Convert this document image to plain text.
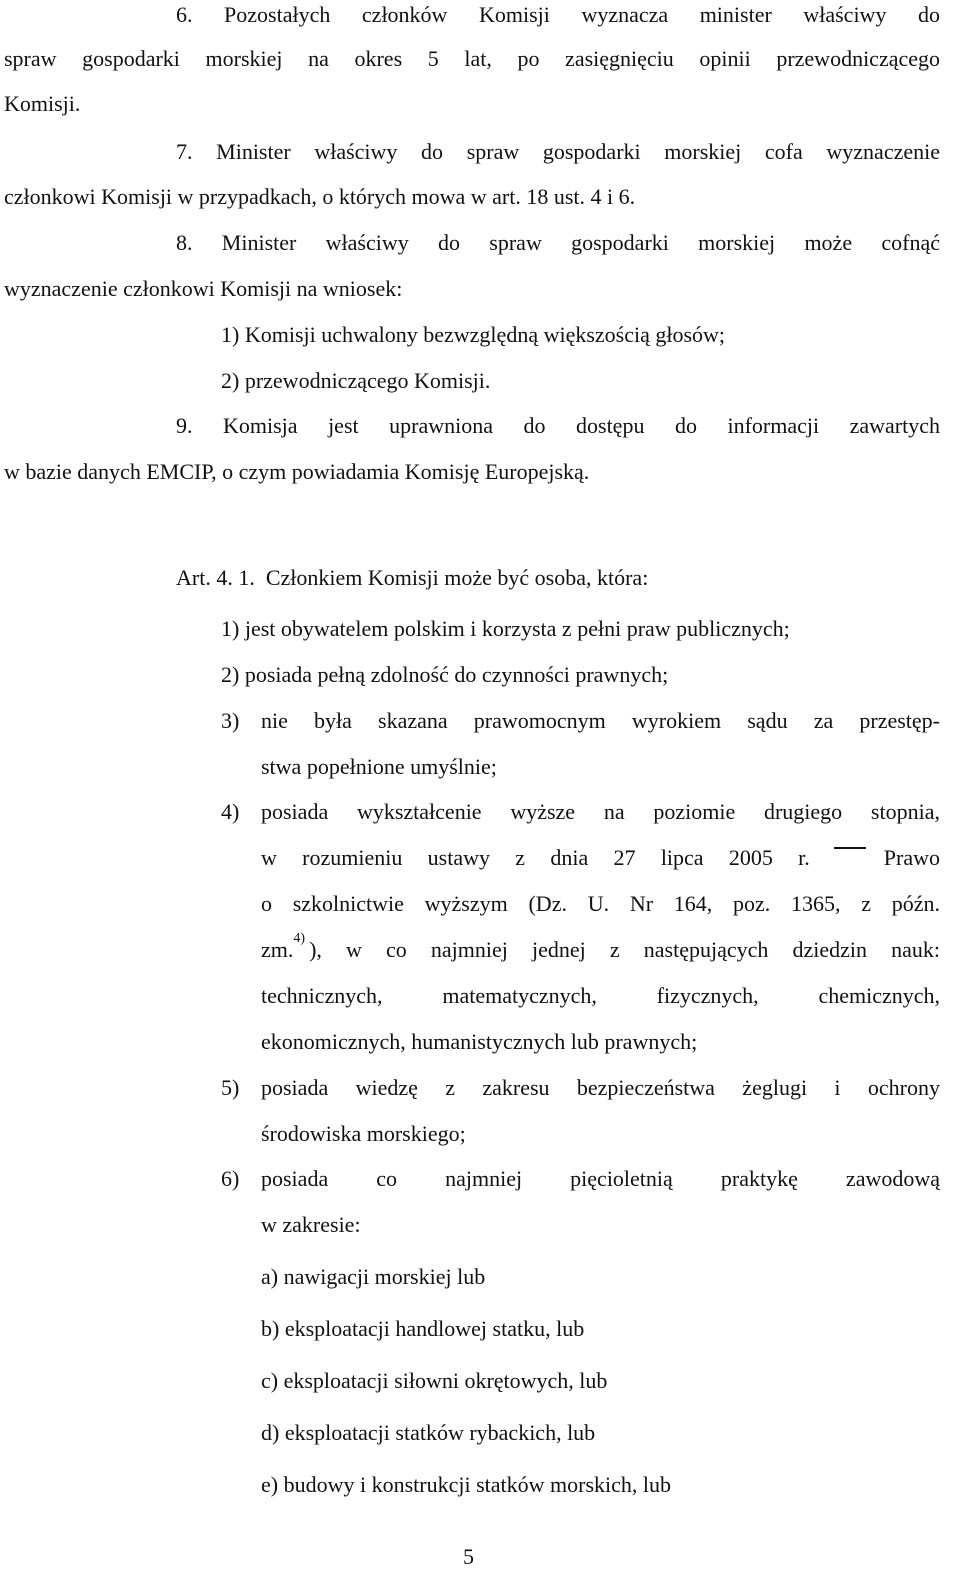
6. Pozostałych członków Komisji wyznacza minister właściwy do
spraw gospodarki morskiej na okres 5 lat, po zasięgnięciu opinii przewodniczącego
Komisji.
7. Minister właściwy do spraw gospodarki morskiej cofa wyznaczenie
członkowi Komisji w przypadkach, o których mowa w art. 18 ust. 4 i 6.
8. Minister właściwy do spraw gospodarki morskiej może cofnąć
wyznaczenie członkowi Komisji na wniosek:
1) Komisji uchwalony bezwzględną większością głosów;
2) przewodniczącego Komisji.
9. Komisja jest uprawniona do dostępu do informacji zawartych
w bazie danych EMCIP, o czym powiadamia Komisję Europejską.
Art. 4. 1.  Członkiem Komisji może być osoba, która:
1) jest obywatelem polskim i korzysta z pełni praw publicznych;
2) posiada pełną zdolność do czynności prawnych;
3) nie była skazana prawomocnym wyrokiem sądu za przestęp-
stwa popełnione umyślnie;
4) posiada wykształcenie wyższe na poziomie drugiego stopnia,
w rozumieniu ustawy z dnia 27 lipca 2005 r.	Prawo
o szkolnictwie wyższym (Dz. U. Nr 164, poz. 1365, z późn.
zm. 4) ), w co najmniej jednej z następujących dziedzin nauk:
technicznych, matematycznych, fizycznych, chemicznych,
ekonomicznych, humanistycznych lub prawnych;
5) posiada wiedzę z zakresu bezpieczeństwa żeglugi i ochrony
środowiska morskiego;
6) posiada co najmniej pięcioletnią praktykę zawodową
w zakresie:
a) nawigacji morskiej lub
b) eksploatacji handlowej statku, lub
c) eksploatacji siłowni okrętowych, lub
d) eksploatacji statków rybackich, lub
e) budowy i konstrukcji statków morskich, lub
5
